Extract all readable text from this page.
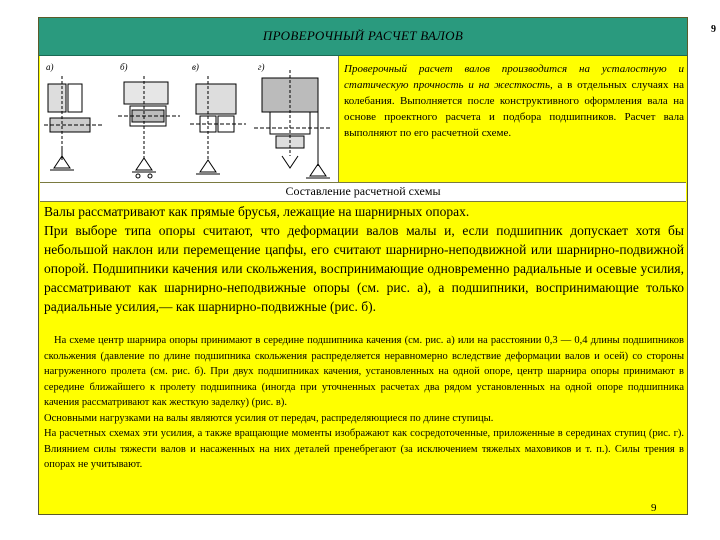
9
ПРОВЕРОЧНЫЙ РАСЧЕТ ВАЛОВ
а)	б)	в)	г)	Проверочный расчет валов производится на усталостную и статическую прочность и на жесткость, а в отдельных случаях на колебания. Выполняется после конструктивного оформления вала на основе проектного расчета и подбора подшипников. Расчет вала выполняют по его расчетной схеме.
Составление расчетной схемы

Валы рассматривают как прямые брусья, лежащие на шарнирных опорах.

При выборе типа опоры считают, что деформации валов малы и, если подшипник допускает хотя бы небольшой наклон или перемещение цапфы, его считают шарнирно-неподвижной или шарнирно-подвижной опорой. Подшипники качения или скольжения, воспринимающие одновременно радиальные и осевые усилия, рассматривают как шарнирно-неподвижные опоры (см. рис. а), а подшипники, воспринимающие только радиальные усилия,— как шарнирно-подвижные (рис. б).

На схеме центр шарнира опоры принимают в середине подшипника качения (см. рис. а) или на расстоянии 0,3 — 0,4 длины подшипников скольжения (давление по длине подшипника скольжения распределяется неравномерно вследствие деформации валов и осей) со стороны нагруженного пролета (см. рис. б). При двух подшипниках качения, установленных на одной опоре, центр шарнира опоры принимают в середине ближайшего к пролету подшипника (иногда при уточненных расчетах два рядом установленных на одной опоре подшипника качения рассматривают как жесткую заделку) (рис. в).

Основными нагрузками на валы являются усилия от передач, распределяющиеся по длине ступицы.

На расчетных схемах эти усилия, а также вращающие моменты изображают как сосредоточенные, приложенные в серединах ступиц (рис. г). Влиянием силы тяжести валов и насаженных на них деталей пренебрегают (за исключением тяжелых маховиков и т. п.). Силы трения в опорах не учитывают.

9
